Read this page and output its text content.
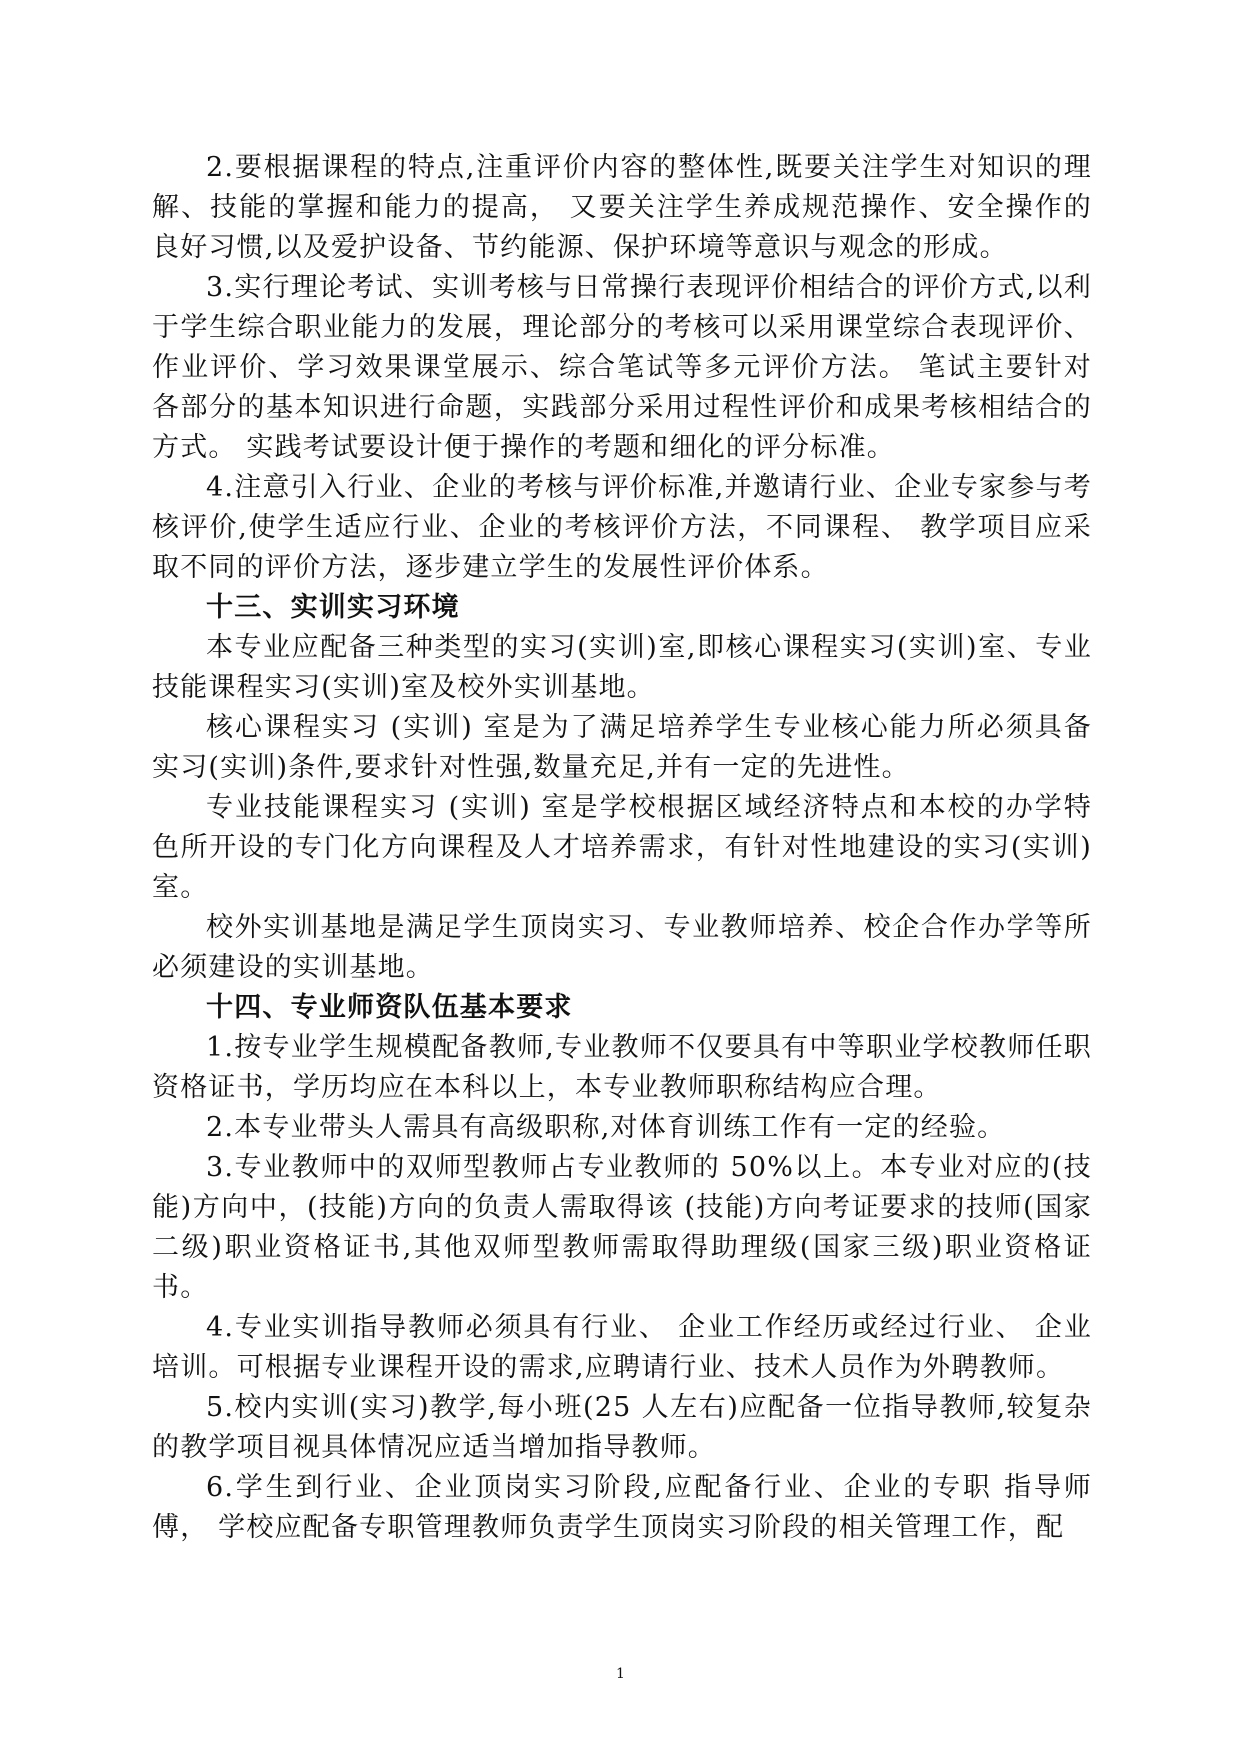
2.要根据课程的特点,注重评价内容的整体性,既要关注学生对知识的理解、技能的掌握和能力的提高， 又要关注学生养成规范操作、安全操作的良好习惯,以及爱护设备、节约能源、保护环境等意识与观念的形成。

3.实行理论考试、实训考核与日常操行表现评价相结合的评价方式,以利于学生综合职业能力的发展，理论部分的考核可以采用课堂综合表现评价、作业评价、学习效果课堂展示、综合笔试等多元评价方法。 笔试主要针对各部分的基本知识进行命题，实践部分采用过程性评价和成果考核相结合的方式。 实践考试要设计便于操作的考题和细化的评分标准。

4.注意引入行业、企业的考核与评价标准,并邀请行业、企业专家参与考核评价,使学生适应行业、企业的考核评价方法，不同课程、 教学项目应采取不同的评价方法，逐步建立学生的发展性评价体系。

十三、实训实习环境

本专业应配备三种类型的实习(实训)室,即核心课程实习(实训)室、专业技能课程实习(实训)室及校外实训基地。

核心课程实习 (实训) 室是为了满足培养学生专业核心能力所必须具备实习(实训)条件,要求针对性强,数量充足,并有一定的先进性。

专业技能课程实习 (实训) 室是学校根据区域经济特点和本校的办学特色所开设的专门化方向课程及人才培养需求，有针对性地建设的实习(实训)室。

校外实训基地是满足学生顶岗实习、专业教师培养、校企合作办学等所必须建设的实训基地。

十四、专业师资队伍基本要求

1.按专业学生规模配备教师,专业教师不仅要具有中等职业学校教师任职资格证书，学历均应在本科以上，本专业教师职称结构应合理。

2.本专业带头人需具有高级职称,对体育训练工作有一定的经验。

3.专业教师中的双师型教师占专业教师的 50%以上。本专业对应的(技能)方向中，(技能)方向的负责人需取得该 (技能)方向考证要求的技师(国家二级)职业资格证书,其他双师型教师需取得助理级(国家三级)职业资格证书。

4.专业实训指导教师必须具有行业、 企业工作经历或经过行业、 企业培训。可根据专业课程开设的需求,应聘请行业、技术人员作为外聘教师。

5.校内实训(实习)教学,每小班(25 人左右)应配备一位指导教师,较复杂的教学项目视具体情况应适当增加指导教师。

6.学生到行业、企业顶岗实习阶段,应配备行业、企业的专职 指导师傅， 学校应配备专职管理教师负责学生顶岗实习阶段的相关管理工作，配

1
